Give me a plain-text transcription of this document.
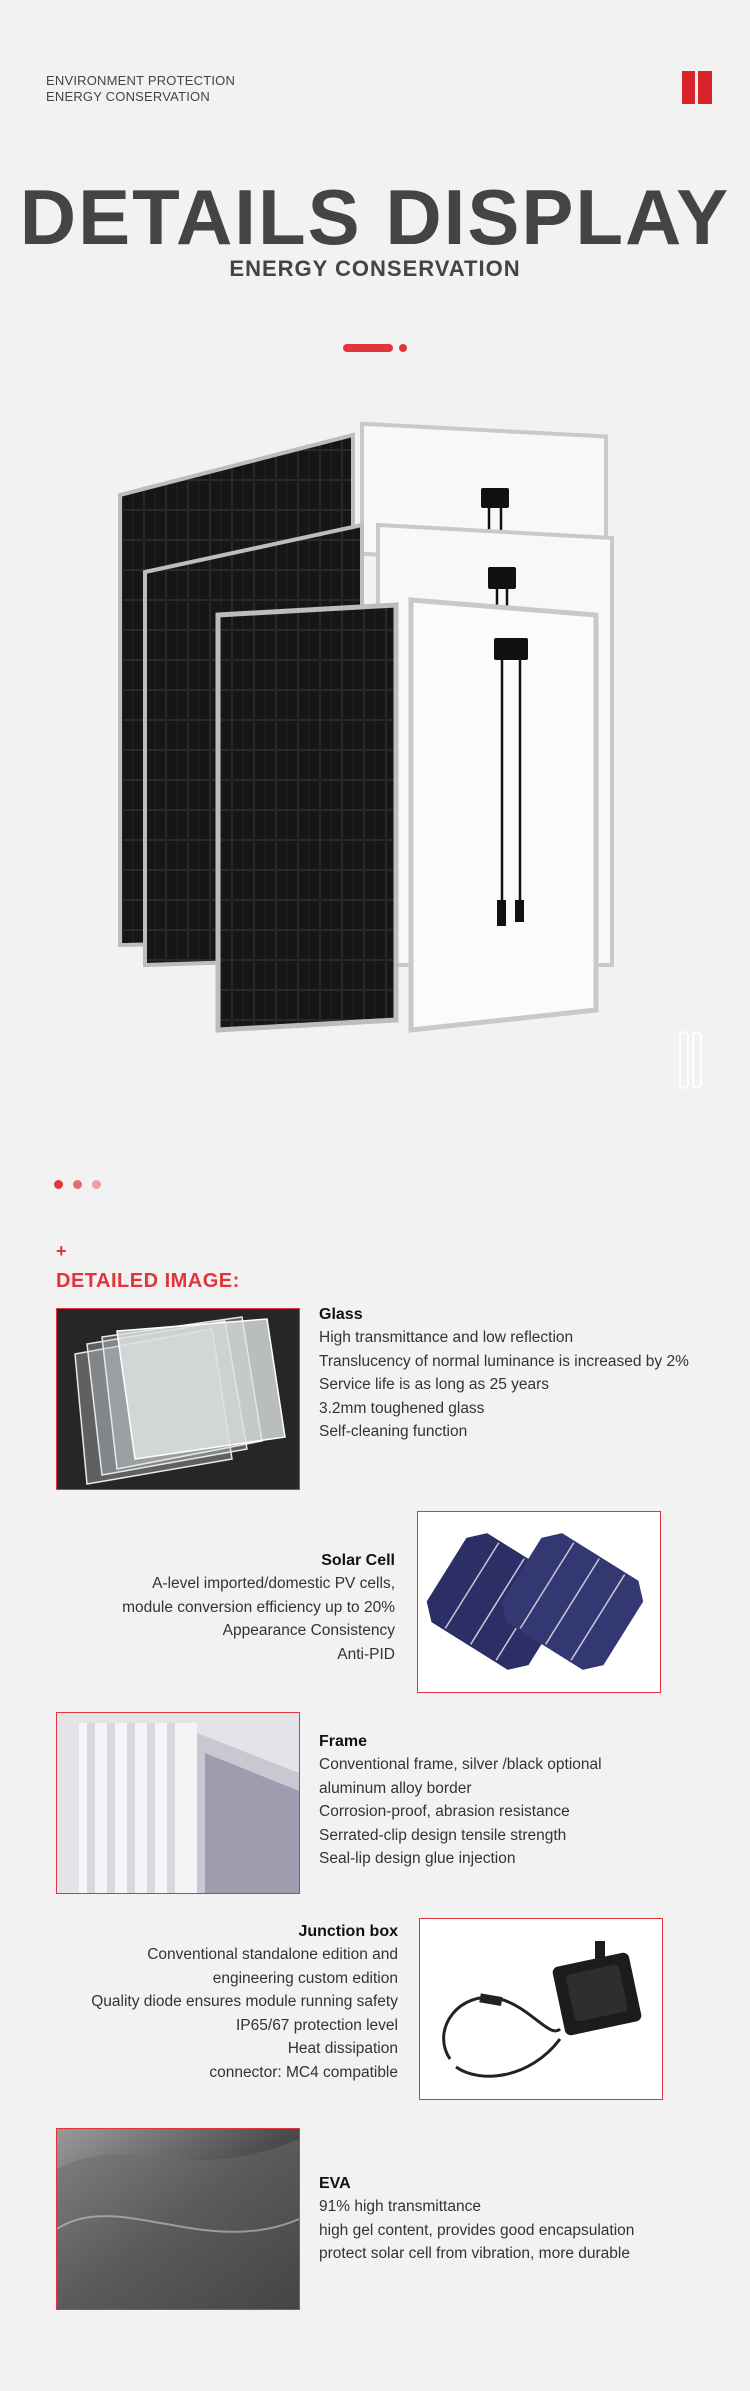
ENVIRONMENT PROTECTION
ENERGY CONSERVATION
DETAILS DISPLAY
ENERGY CONSERVATION
+
DETAILED IMAGE:
Glass
High transmittance and low reflection
Translucency of normal luminance is increased by 2%
Service life is as long as 25 years
3.2mm toughened glass
Self-cleaning function
Solar Cell
A-level imported/domestic PV cells,
module conversion efficiency up to 20%
Appearance Consistency
Anti-PID
Frame
Conventional frame, silver /black optional
aluminum alloy border
Corrosion-proof, abrasion resistance
Serrated-clip design tensile strength
Seal-lip design glue injection
Junction box
Conventional standalone edition and
engineering custom edition
Quality diode ensures module running safety
IP65/67 protection level
Heat dissipation
connector: MC4 compatible
EVA
91% high transmittance
high gel content, provides good encapsulation
protect solar cell from vibration, more durable
